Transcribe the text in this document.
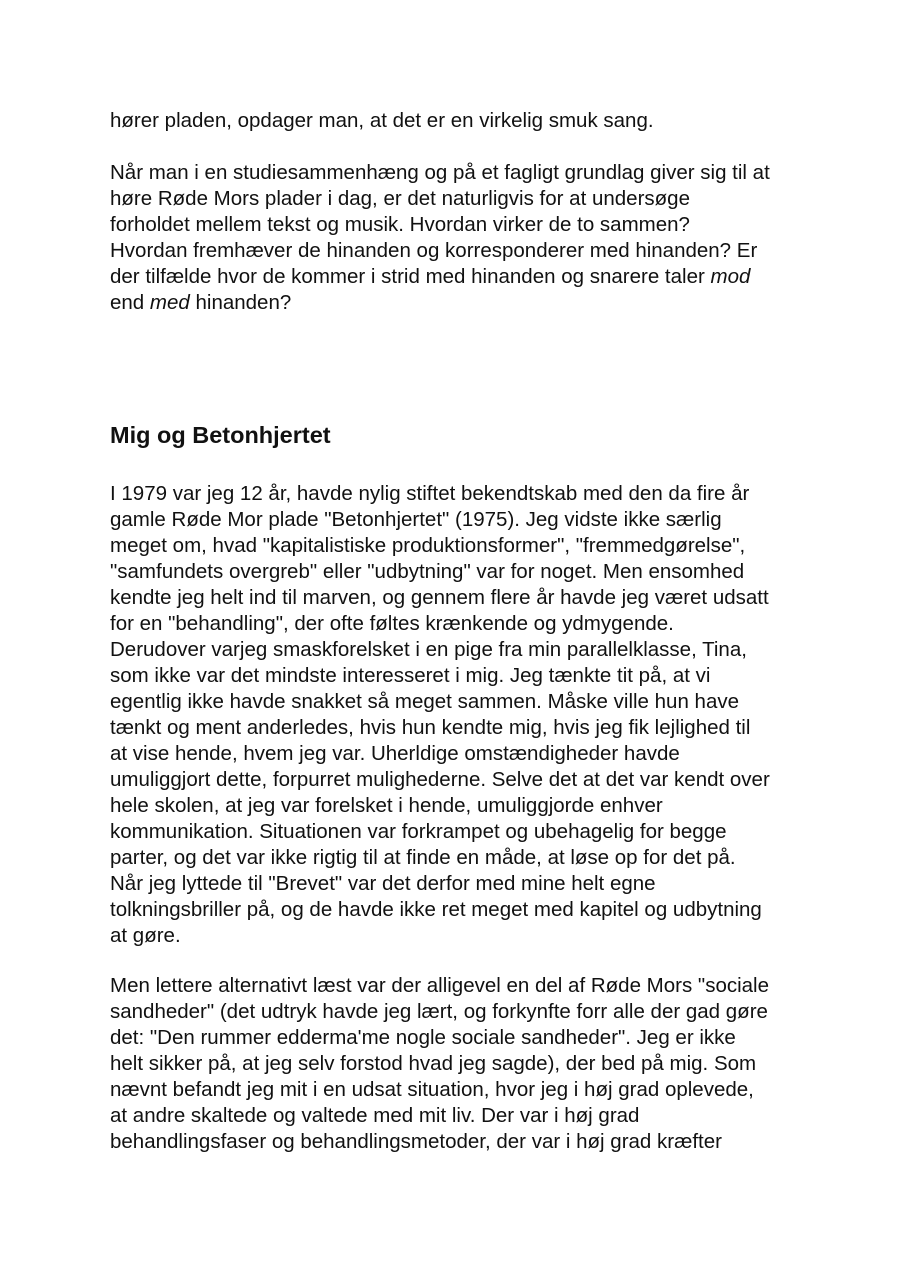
hører pladen, opdager man, at det er en virkelig smuk sang.

Når man i en studiesammenhæng og på et fagligt grundlag giver sig til at
høre Røde Mors plader i dag, er det naturligvis for at undersøge
forholdet mellem tekst og musik. Hvordan virker de to sammen?
Hvordan fremhæver de hinanden og korresponderer med hinanden? Er
der tilfælde hvor de kommer i strid med hinanden og snarere taler mod
end med hinanden?

Mig og Betonhjertet

I 1979 var jeg 12 år, havde nylig stiftet bekendtskab med den da fire år
gamle Røde Mor plade "Betonhjertet" (1975). Jeg vidste ikke særlig
meget om, hvad "kapitalistiske produktionsformer", "fremmedgørelse",
"samfundets overgreb" eller "udbytning" var for noget. Men ensomhed
kendte jeg helt ind til marven, og gennem flere år havde jeg været udsatt
for en "behandling", der ofte føltes krænkende og ydmygende.
Derudover varjeg smaskforelsket i en pige fra min parallelklasse, Tina,
som ikke var det mindste interesseret i mig. Jeg tænkte tit på, at vi
egentlig ikke havde snakket så meget sammen. Måske ville hun have
tænkt og ment anderledes, hvis hun kendte mig, hvis jeg fik lejlighed til
at vise hende, hvem jeg var. Uherldige omstændigheder havde
umuliggjort dette, forpurret mulighederne. Selve det at det var kendt over
hele skolen, at jeg var forelsket i hende, umuliggjorde enhver
kommunikation. Situationen var forkrampet og ubehagelig for begge
parter, og det var ikke rigtig til at finde en måde, at løse op for det på.
Når jeg lyttede til "Brevet" var det derfor med mine helt egne
tolkningsbriller på, og de havde ikke ret meget med kapitel og udbytning
at gøre.

Men lettere alternativt læst var der alligevel en del af Røde Mors "sociale
sandheder" (det udtryk havde jeg lært, og forkynfte forr alle der gad gøre
det: "Den rummer edderma'me nogle sociale sandheder". Jeg er ikke
helt sikker på, at jeg selv forstod hvad jeg sagde), der bed på mig. Som
nævnt befandt jeg mit i en udsat situation, hvor jeg i høj grad oplevede,
at andre skaltede og valtede med mit liv. Der var i høj grad
behandlingsfaser og behandlingsmetoder, der var i høj grad kræfter
